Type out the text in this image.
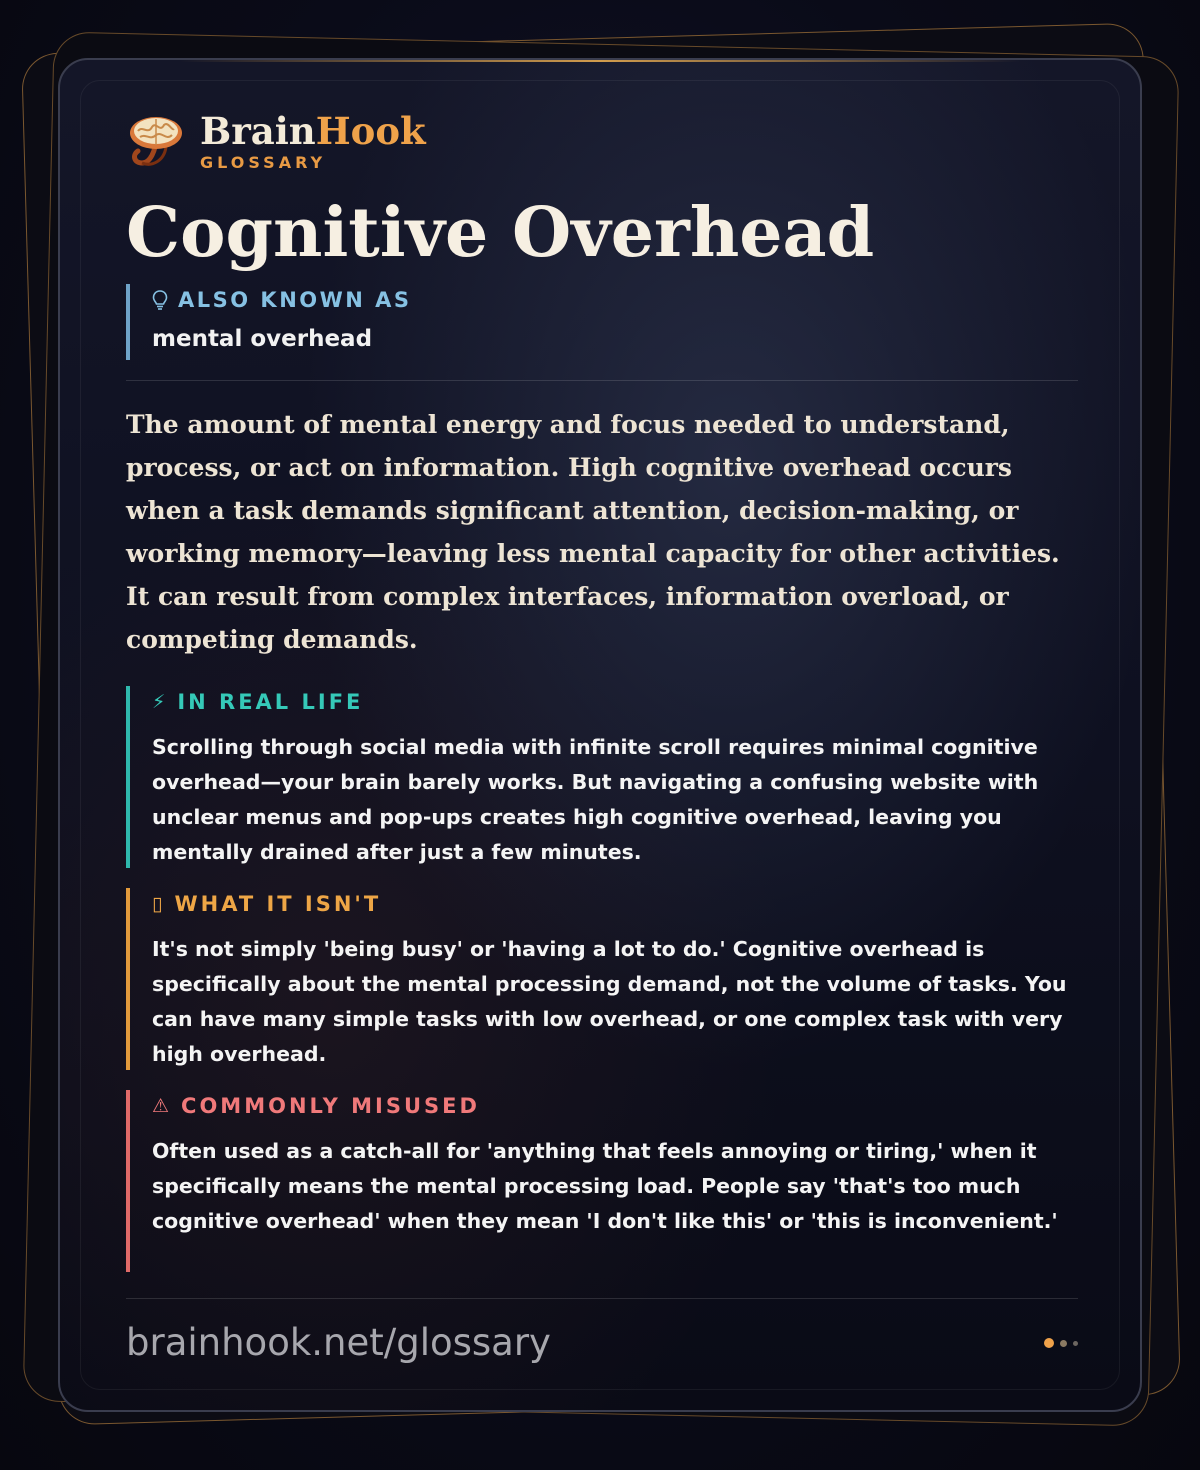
BrainHook
GLOSSARY
Cognitive Overhead
ALSO KNOWN AS
mental overhead
The amount of mental energy and focus needed to understand, process, or act on information. High cognitive overhead occurs when a task demands significant attention, decision-making, or working memory—leaving less mental capacity for other activities. It can result from complex interfaces, information overload, or competing demands.
⚡ IN REAL LIFE
Scrolling through social media with infinite scroll requires minimal cognitive overhead—your brain barely works. But navigating a confusing website with unclear menus and pop-ups creates high cognitive overhead, leaving you mentally drained after just a few minutes.
▯ WHAT IT ISN'T
It's not simply 'being busy' or 'having a lot to do.' Cognitive overhead is specifically about the mental processing demand, not the volume of tasks. You can have many simple tasks with low overhead, or one complex task with very high overhead.
⚠ COMMONLY MISUSED
Often used as a catch-all for 'anything that feels annoying or tiring,' when it specifically means the mental processing load. People say 'that's too much cognitive overhead' when they mean 'I don't like this' or 'this is inconvenient.'
brainhook.net/glossary
